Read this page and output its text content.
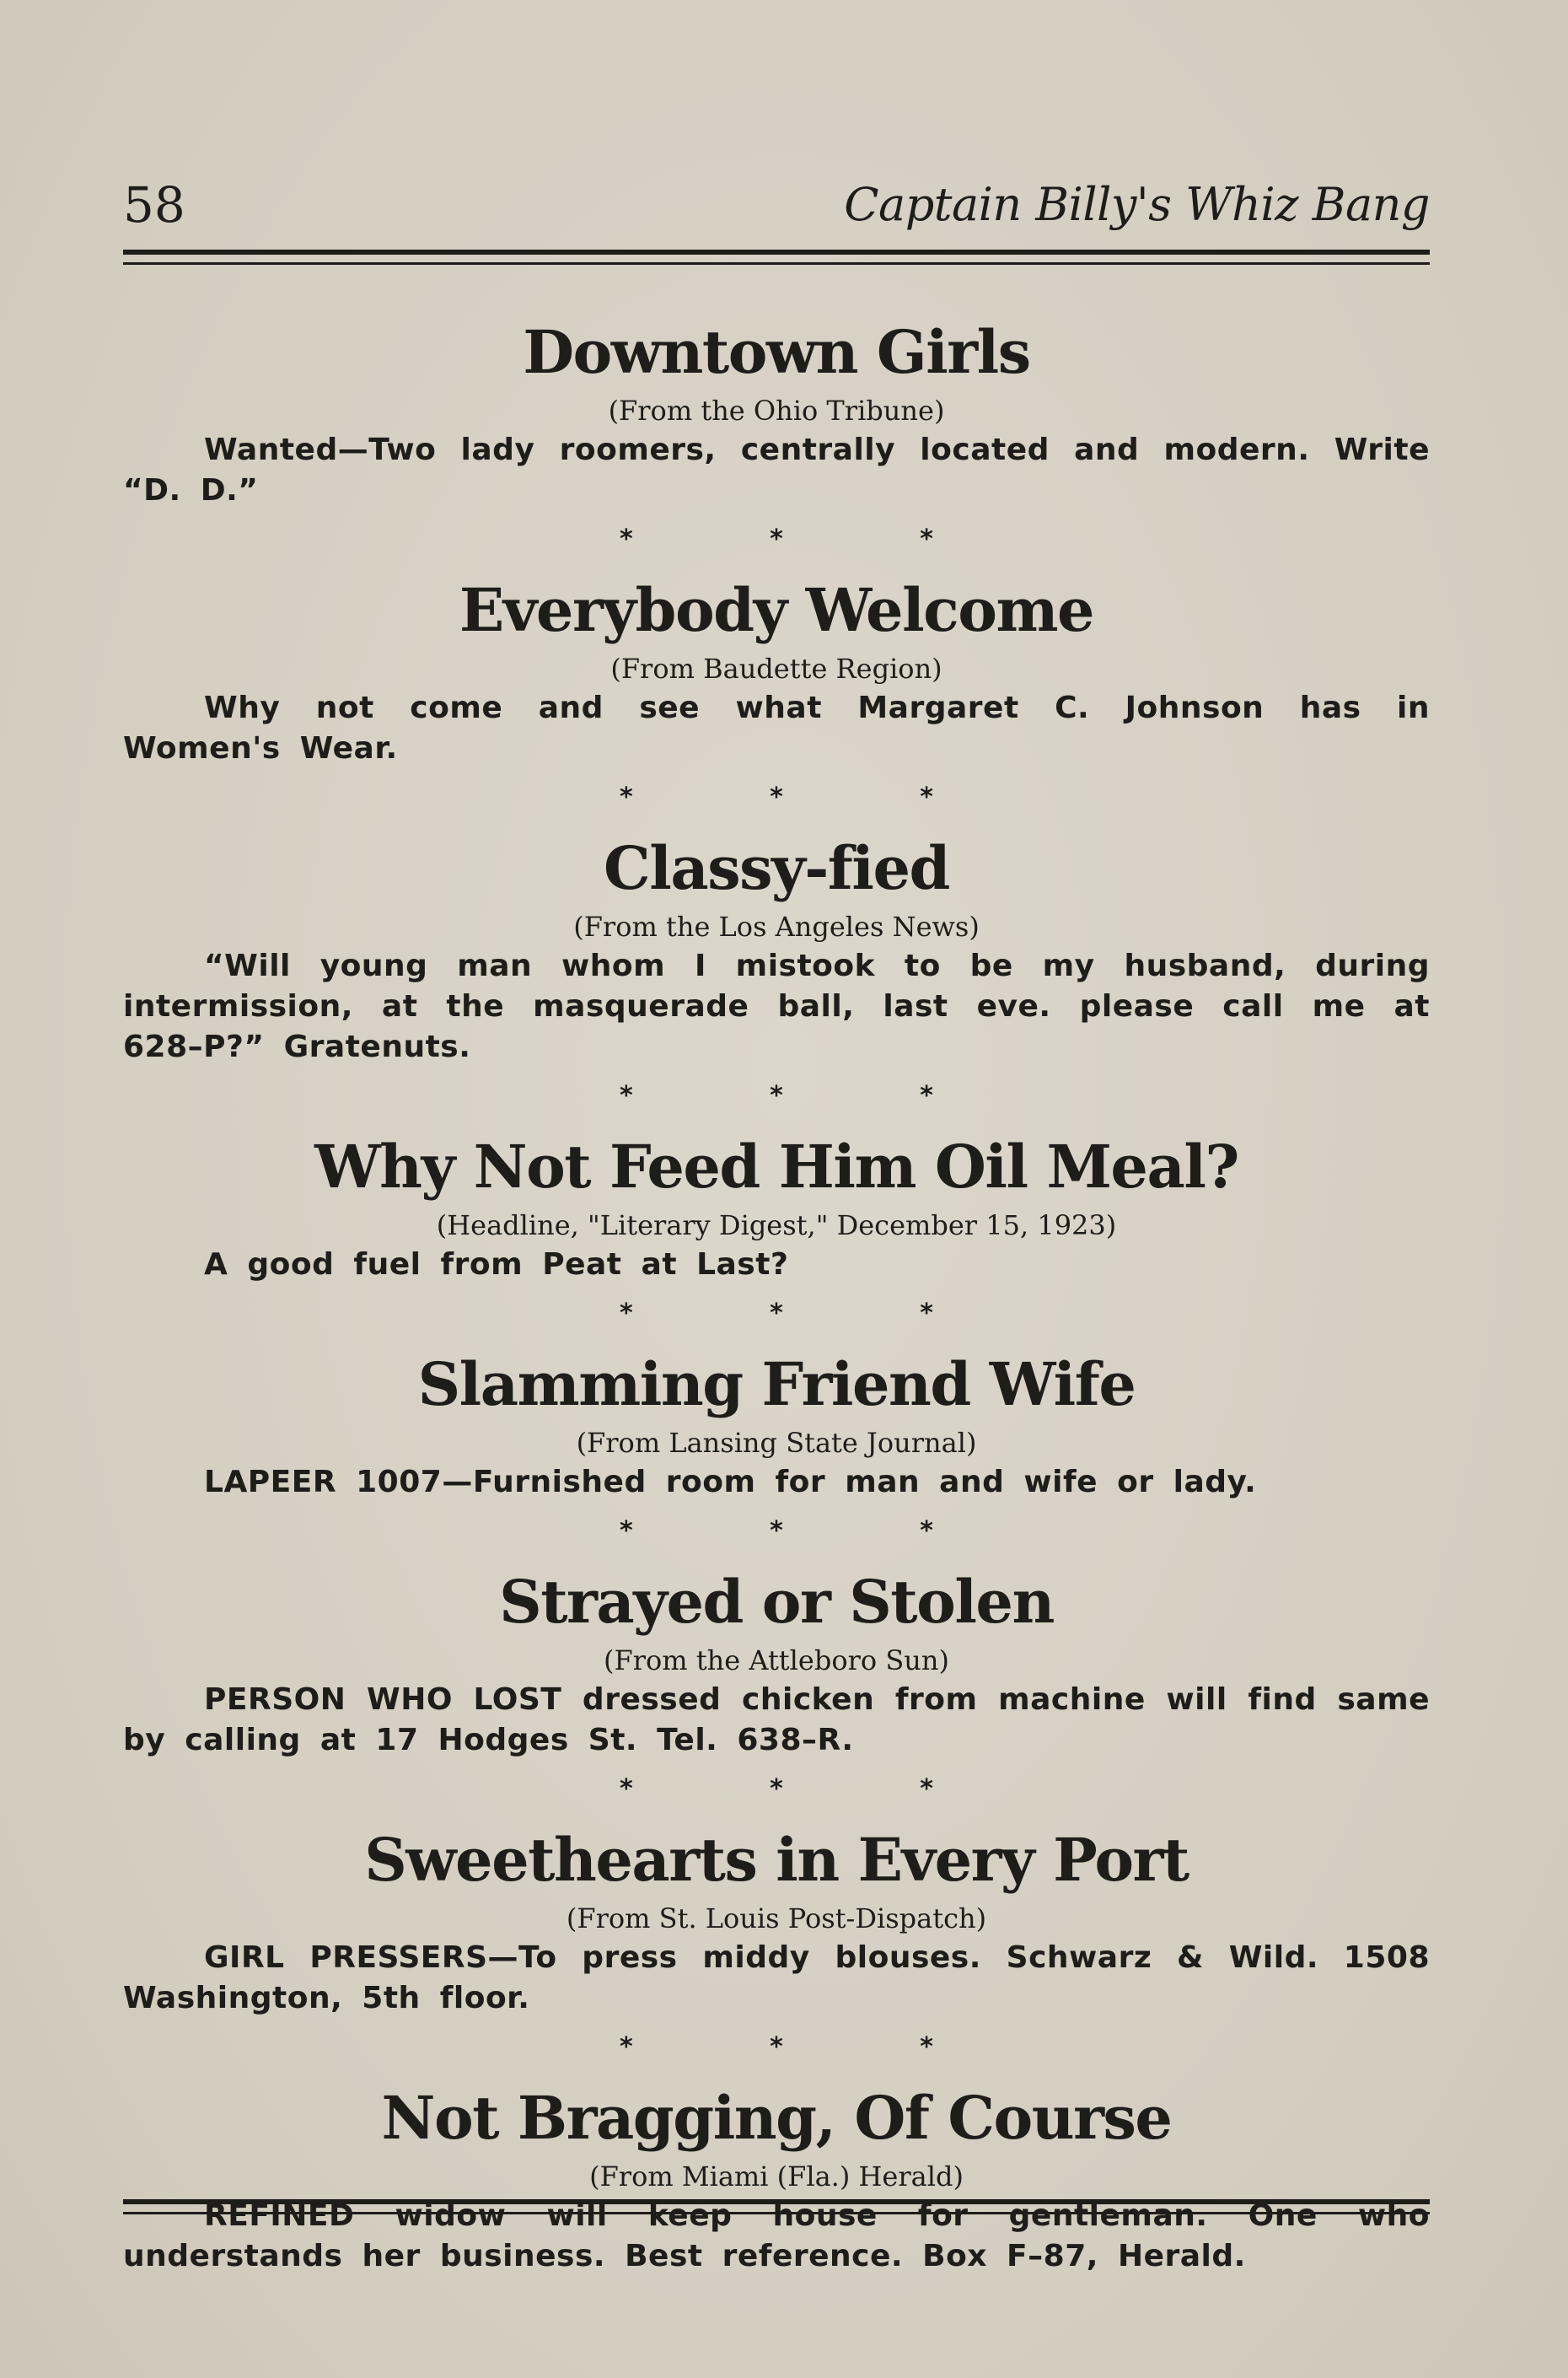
58	Captain Billy's Whiz Bang
Downtown Girls

(From the Ohio Tribune)

Wanted—Two lady roomers, centrally located and modern. Write “D. D.”

* * *
Everybody Welcome

(From Baudette Region)

Why not come and see what Margaret C. Johnson has in Women's Wear.

* * *
Classy-fied

(From the Los Angeles News)

“Will young man whom I mistook to be my husband, during intermission, at the masquerade ball, last eve. please call me at 628–P?” Gratenuts.

* * *
Why Not Feed Him Oil Meal?

(Headline, "Literary Digest," December 15, 1923)

A good fuel from Peat at Last?

* * *
Slamming Friend Wife

(From Lansing State Journal)

LAPEER 1007—Furnished room for man and wife or lady.

* * *
Strayed or Stolen

(From the Attleboro Sun)

PERSON WHO LOST dressed chicken from machine will find same by calling at 17 Hodges St. Tel. 638–R.

* * *
Sweethearts in Every Port

(From St. Louis Post-Dispatch)

GIRL PRESSERS—To press middy blouses. Schwarz & Wild. 1508 Washington, 5th floor.

* * *
Not Bragging, Of Course

(From Miami (Fla.) Herald)

REFINED widow will keep house for gentleman. One who understands her business. Best reference. Box F–87, Herald.
